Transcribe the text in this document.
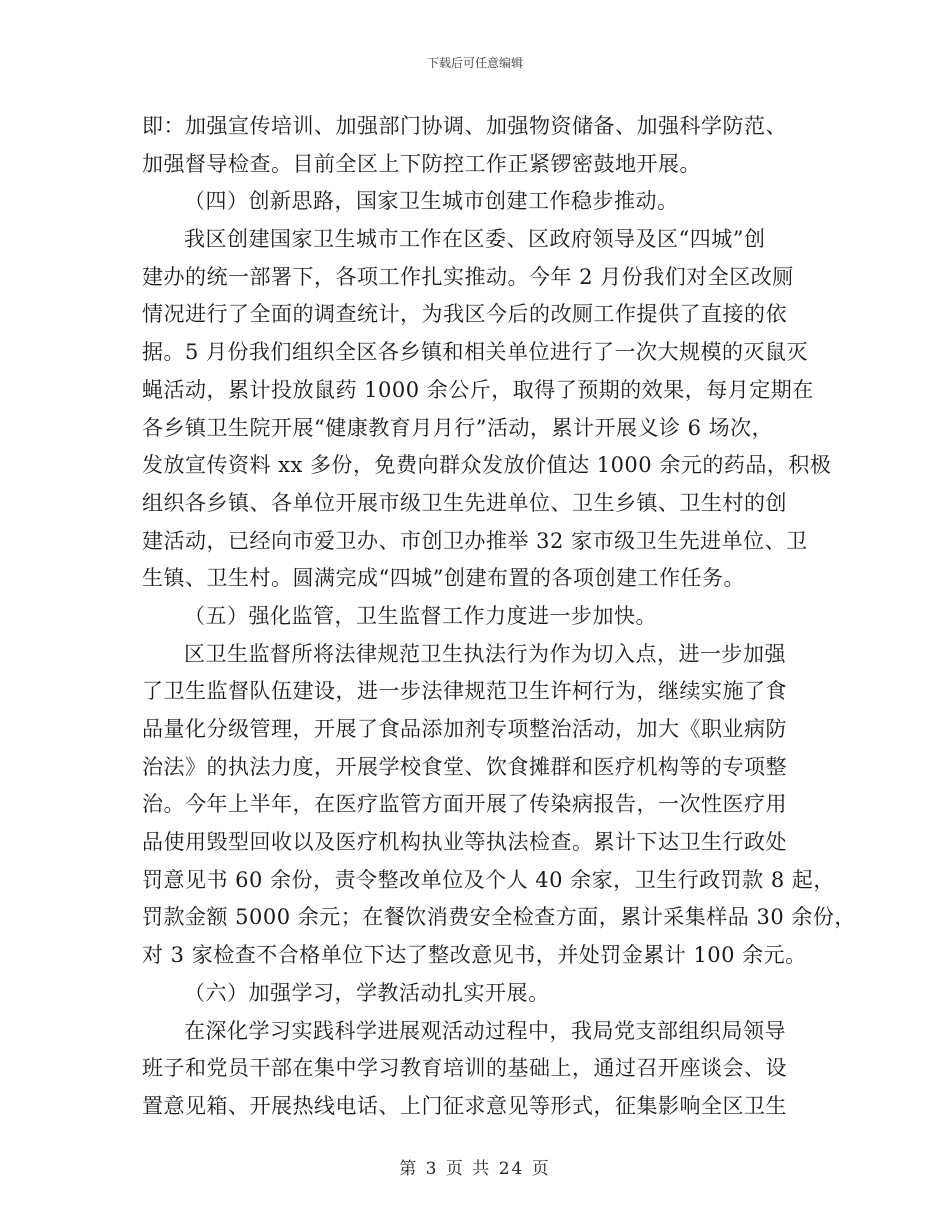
下载后可任意编辑
即：加强宣传培训、加强部门协调、加强物资储备、加强科学防范、
加强督导检查。目前全区上下防控工作正紧锣密鼓地开展。
（四）创新思路，国家卫生城市创建工作稳步推动。
我区创建国家卫生城市工作在区委、区政府领导及区“四城”创
建办的统一部署下，各项工作扎实推动。今年 2 月份我们对全区改厕
情况进行了全面的调查统计，为我区今后的改厕工作提供了直接的依
据。5 月份我们组织全区各乡镇和相关单位进行了一次大规模的灭鼠灭
蝇活动，累计投放鼠药 1000 余公斤，取得了预期的效果，每月定期在
各乡镇卫生院开展“健康教育月月行”活动，累计开展义诊 6 场次，
发放宣传资料 xx 多份，免费向群众发放价值达 1000 余元的药品，积极
组织各乡镇、各单位开展市级卫生先进单位、卫生乡镇、卫生村的创
建活动，已经向市爱卫办、市创卫办推举 32 家市级卫生先进单位、卫
生镇、卫生村。圆满完成“四城”创建布置的各项创建工作任务。
（五）强化监管，卫生监督工作力度进一步加快。
区卫生监督所将法律规范卫生执法行为作为切入点，进一步加强
了卫生监督队伍建设，进一步法律规范卫生许柯行为，继续实施了食
品量化分级管理，开展了食品添加剂专项整治活动，加大《职业病防
治法》的执法力度，开展学校食堂、饮食摊群和医疗机构等的专项整
治。今年上半年，在医疗监管方面开展了传染病报告，一次性医疗用
品使用毁型回收以及医疗机构执业等执法检查。累计下达卫生行政处
罚意见书 60 余份，责令整改单位及个人 40 余家，卫生行政罚款 8 起，
罚款金额 5000 余元；在餐饮消费安全检查方面，累计采集样品 30 余份，
对 3 家检查不合格单位下达了整改意见书，并处罚金累计 100 余元。
（六）加强学习，学教活动扎实开展。
在深化学习实践科学进展观活动过程中，我局党支部组织局领导
班子和党员干部在集中学习教育培训的基础上，通过召开座谈会、设
置意见箱、开展热线电话、上门征求意见等形式，征集影响全区卫生
第 3 页 共 24 页
